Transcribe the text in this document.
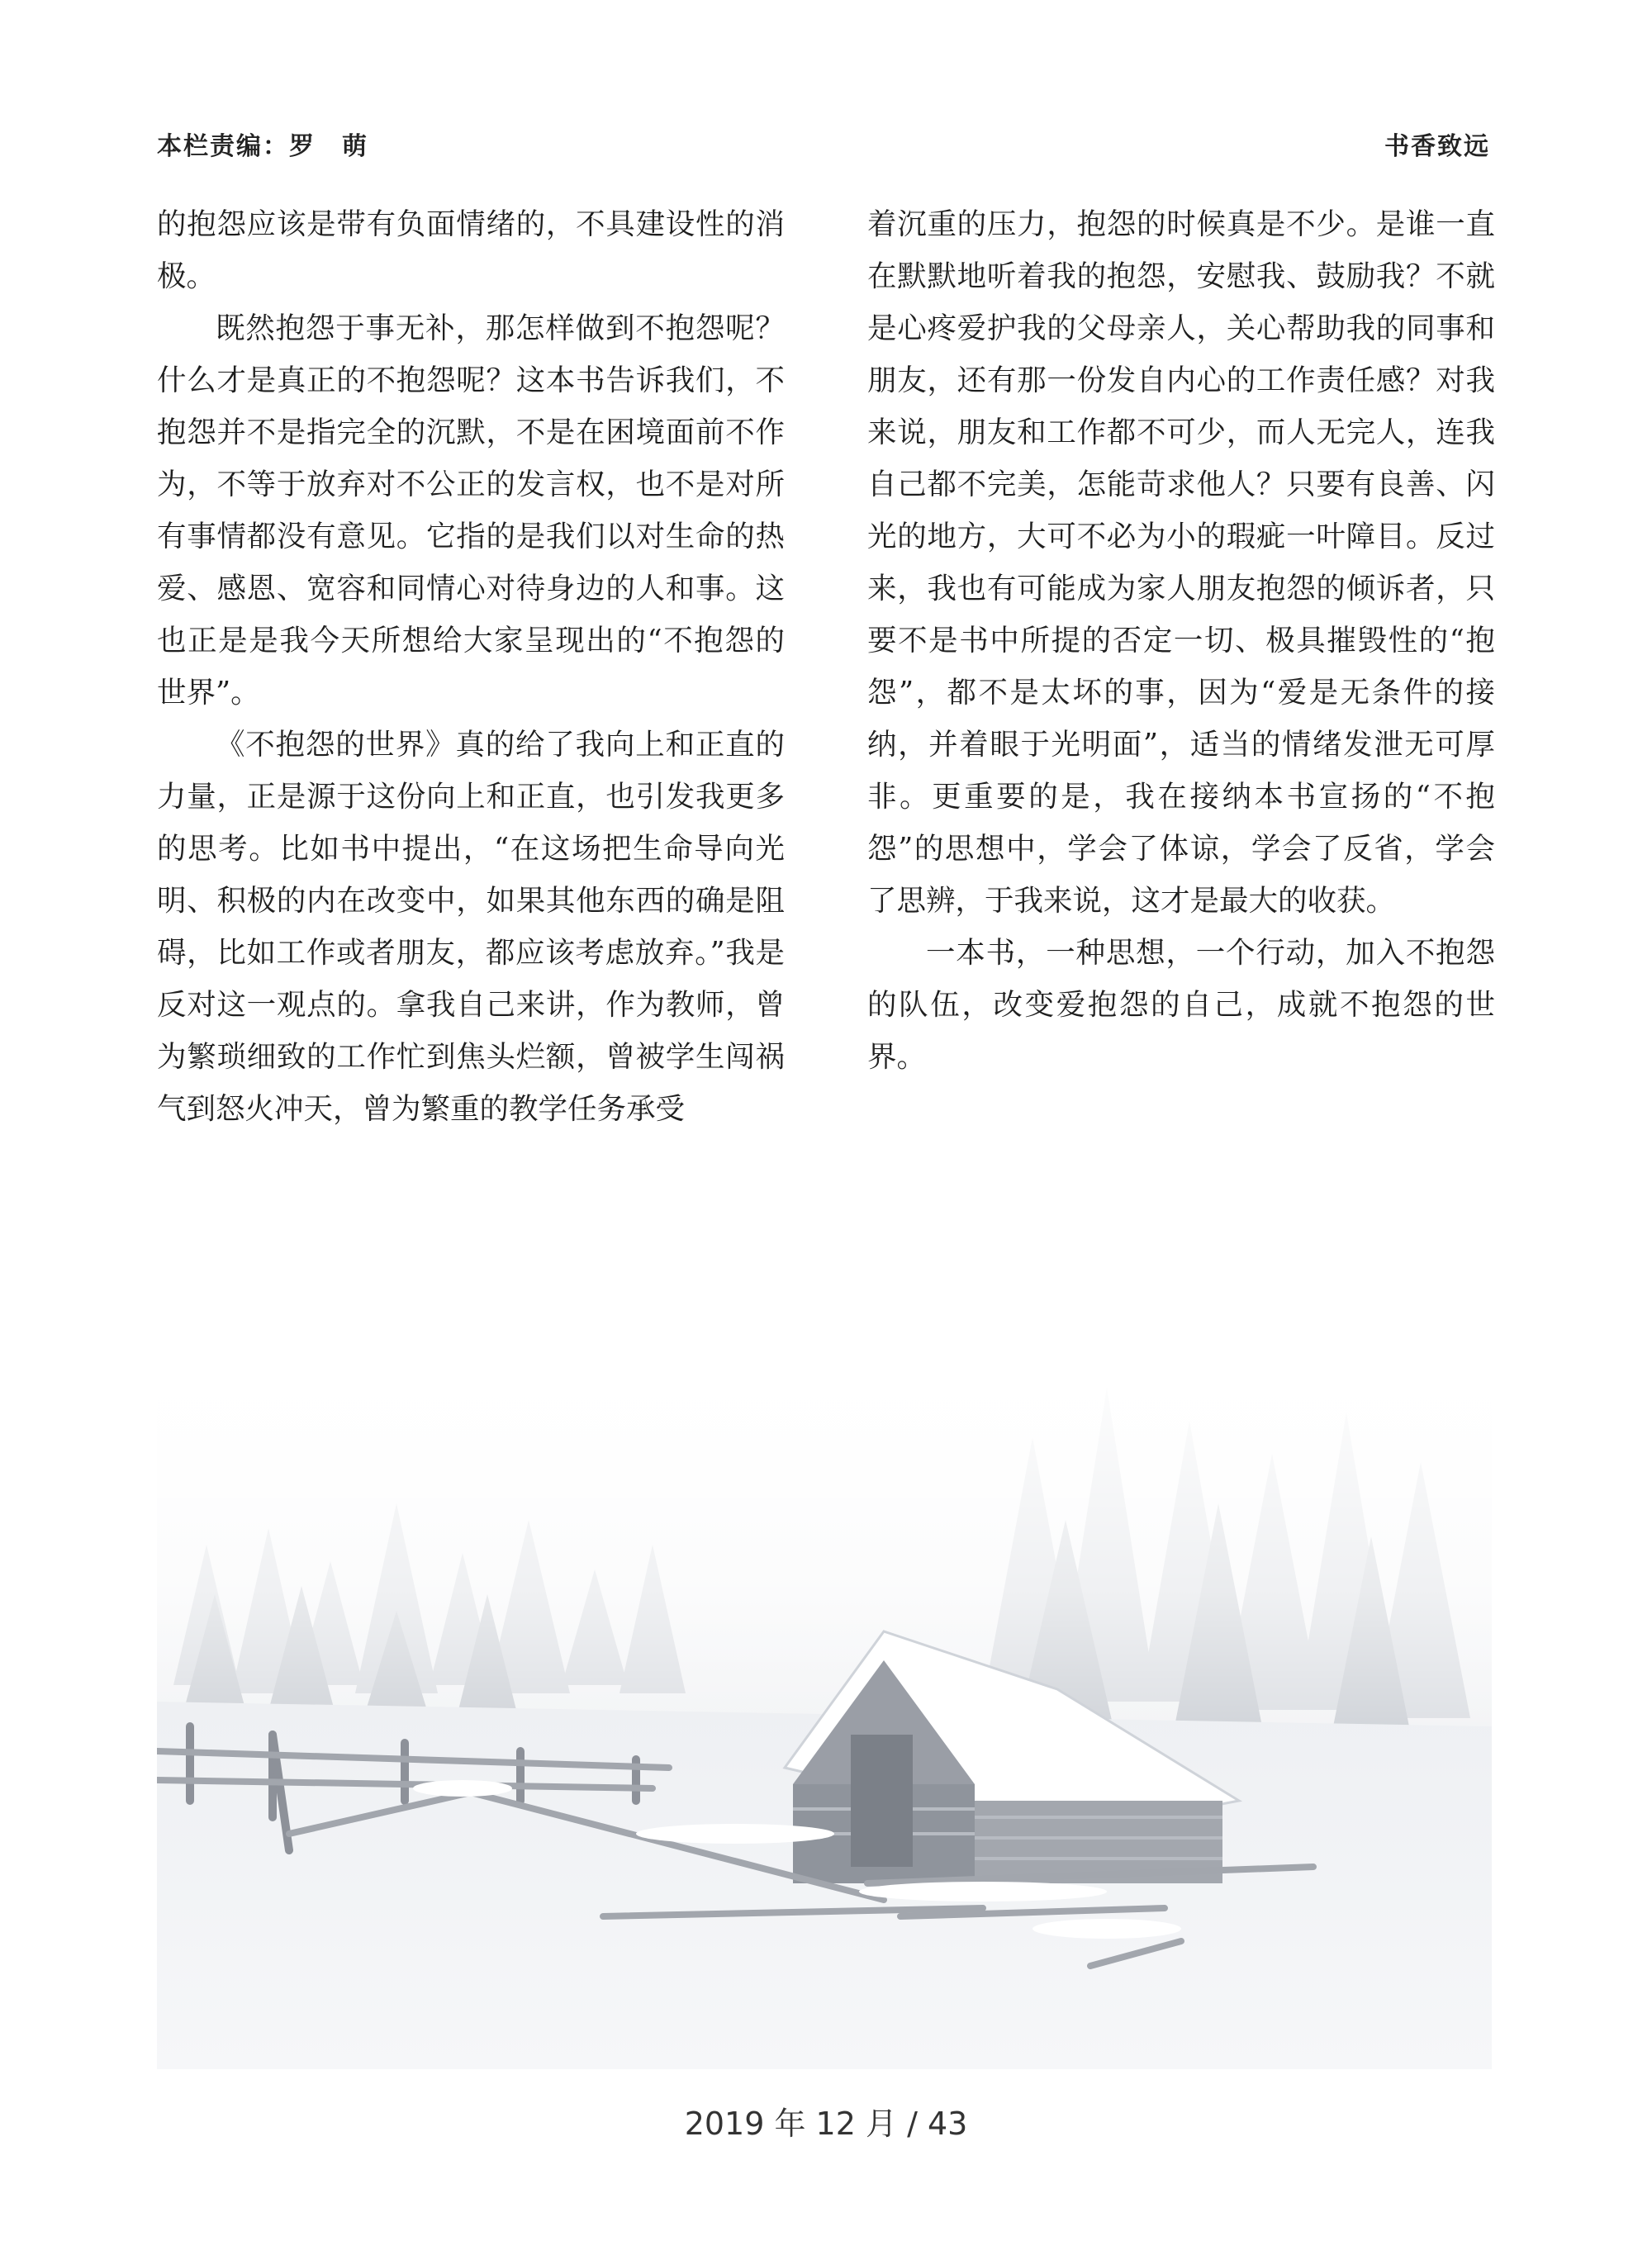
本栏责编：罗　萌	书香致远

的抱怨应该是带有负面情绪的，不具建设性的消极。

既然抱怨于事无补，那怎样做到不抱怨呢？什么才是真正的不抱怨呢？这本书告诉我们，不抱怨并不是指完全的沉默，不是在困境面前不作为，不等于放弃对不公正的发言权，也不是对所有事情都没有意见。它指的是我们以对生命的热爱、感恩、宽容和同情心对待身边的人和事。这也正是是我今天所想给大家呈现出的“不抱怨的世界”。

《不抱怨的世界》真的给了我向上和正直的力量，正是源于这份向上和正直，也引发我更多的思考。比如书中提出，“在这场把生命导向光明、积极的内在改变中，如果其他东西的确是阻碍，比如工作或者朋友，都应该考虑放弃。”我是反对这一观点的。拿我自己来讲，作为教师，曾为繁琐细致的工作忙到焦头烂额，曾被学生闯祸气到怒火冲天，曾为繁重的教学任务承受

着沉重的压力，抱怨的时候真是不少。是谁一直在默默地听着我的抱怨，安慰我、鼓励我？不就是心疼爱护我的父母亲人，关心帮助我的同事和朋友，还有那一份发自内心的工作责任感？对我来说，朋友和工作都不可少，而人无完人，连我自己都不完美，怎能苛求他人？只要有良善、闪光的地方，大可不必为小的瑕疵一叶障目。反过来，我也有可能成为家人朋友抱怨的倾诉者，只要不是书中所提的否定一切、极具摧毁性的“抱怨”，都不是太坏的事，因为“爱是无条件的接纳，并着眼于光明面”，适当的情绪发泄无可厚非。更重要的是，我在接纳本书宣扬的“不抱怨”的思想中，学会了体谅，学会了反省，学会了思辨，于我来说，这才是最大的收获。

一本书，一种思想，一个行动，加入不抱怨的队伍，改变爱抱怨的自己，成就不抱怨的世界。

2019 年 12 月 / 43
